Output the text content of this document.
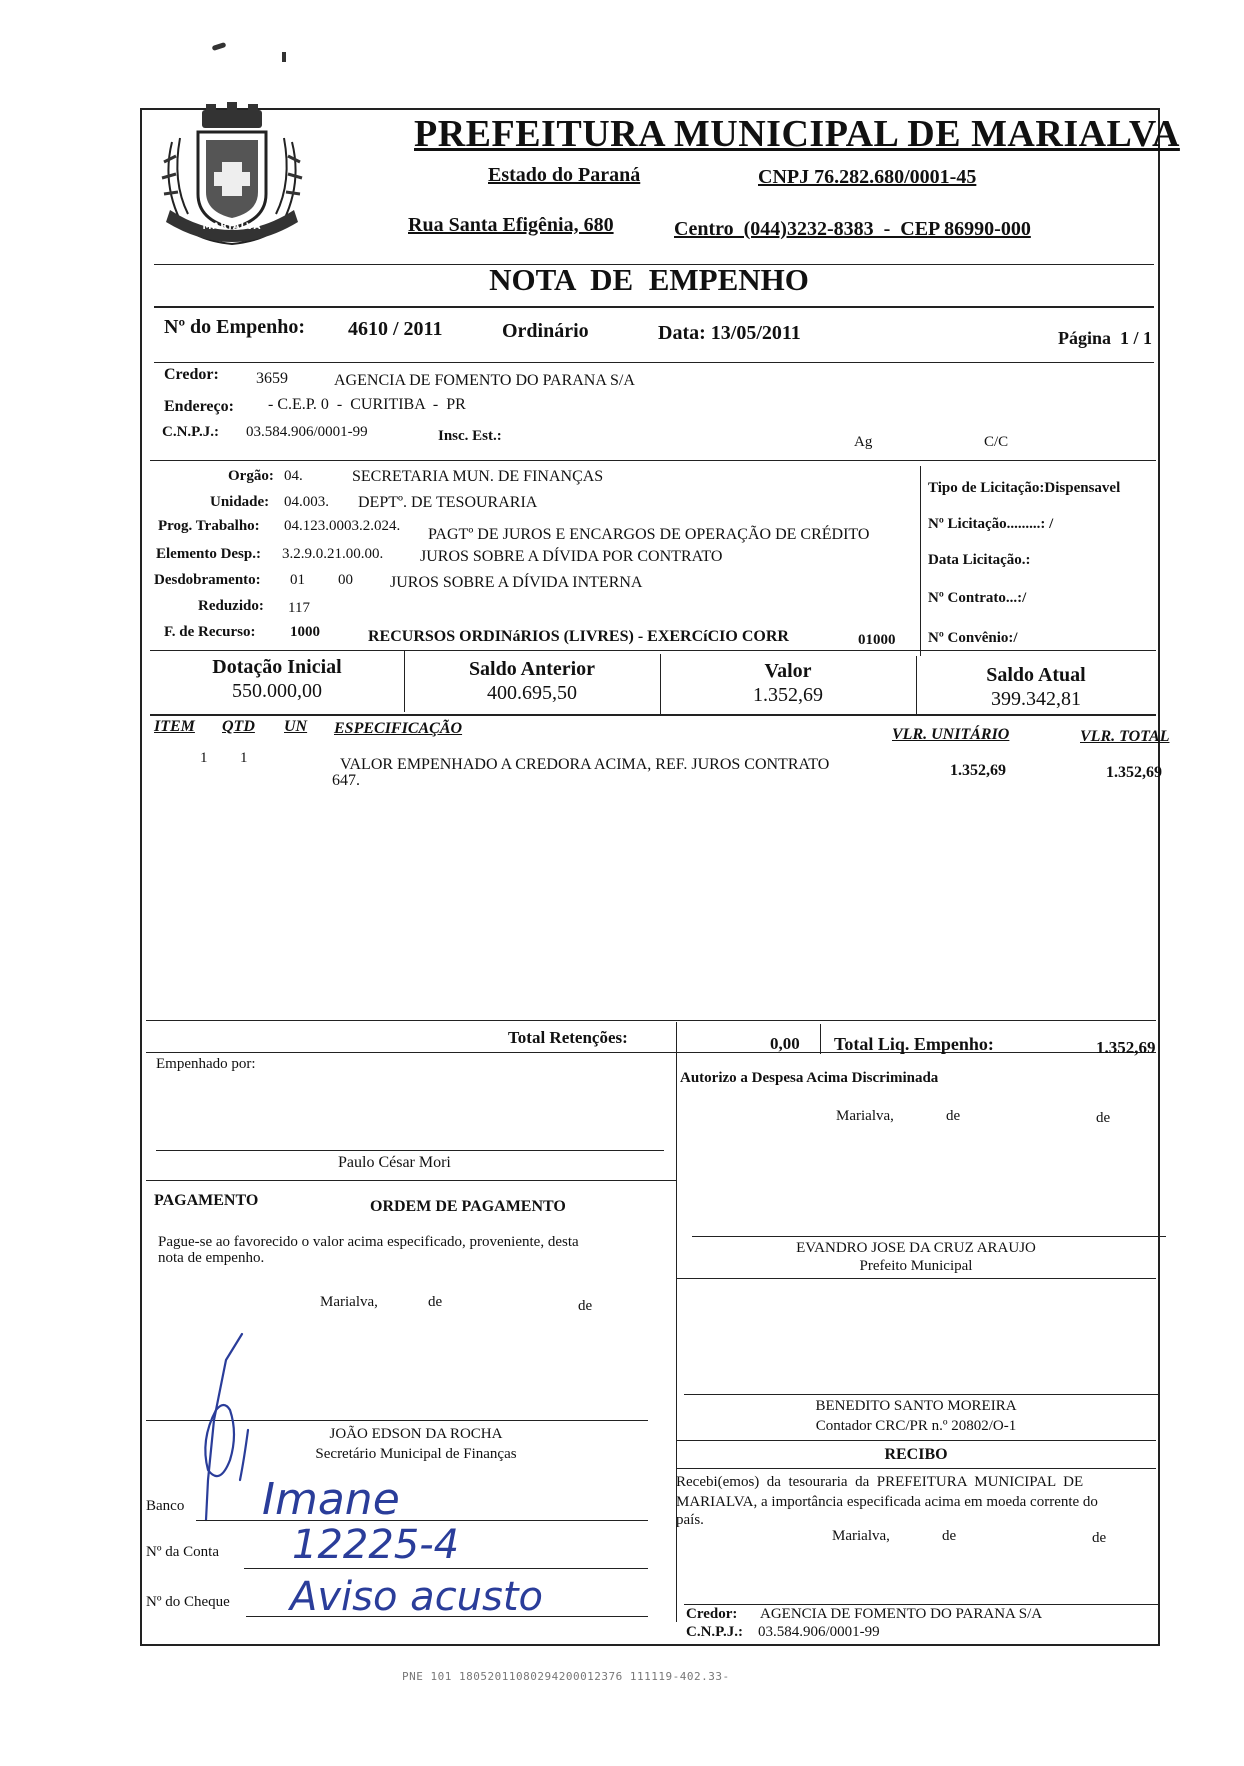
MARIALVA
PREFEITURA MUNICIPAL DE MARIALVA
Estado do Paraná	CNPJ 76.282.680/0001-45
Rua Santa Efigênia, 680	Centro  (044)3232-8383  -  CEP 86990-000
NOTA  DE  EMPENHO
Nº do Empenho: 4610 / 2011	Ordinário	Data: 13/05/2011	Página  1 / 1
Credor: 3659	AGENCIA DE FOMENTO DO PARANA S/A
Endereço: - C.E.P. 0  -  CURITIBA  -  PR
C.N.P.J.: 03.584.906/0001-99	Insc. Est.:	Ag	C/C
Orgão: 04.	SECRETARIA MUN. DE FINANÇAS
Unidade: 04.003. DEPTº. DE TESOURARIA
Prog. Trabalho: 04.123.0003.2.024. PAGTº DE JUROS E ENCARGOS DE OPERAÇÃO DE CRÉDITO
Elemento Desp.: 3.2.9.0.21.00.00. JUROS SOBRE A DÍVIDA POR CONTRATO
Desdobramento: 01 00 JUROS SOBRE A DÍVIDA INTERNA
Reduzido: 117
F. de Recurso: 1000	RECURSOS ORDINáRIOS (LIVRES) - EXERCíCIO CORR	01000
Tipo de Licitação:Dispensavel
Nº Licitação.........: /
Data Licitação.:
Nº Contrato...:/
Nº Convênio:/
Dotação Inicial
550.000,00
Saldo Anterior
400.695,50
Valor
1.352,69
Saldo Atual
399.342,81
ITEM QTD UN ESPECIFICAÇÃO	VLR. UNITÁRIO	VLR. TOTAL
1 1	VALOR EMPENHADO A CREDORA ACIMA, REF. JUROS CONTRATO
647.
1.352,69	1.352,69
Total Retenções:	0,00 Total Liq. Empenho:	1.352,69
Empenhado por:
Paulo César Mori
PAGAMENTO	ORDEM DE PAGAMENTO
Pague-se ao favorecido o valor acima especificado, proveniente, desta
nota de empenho.
Marialva,	de	de
JOÃO EDSON DA ROCHA
Secretário Municipal de Finanças
Banco Imane
Nº da Conta 12225-4
Nº do Cheque Aviso acusto
Autorizo a Despesa Acima Discriminada
Marialva,	de	de
EVANDRO JOSE DA CRUZ ARAUJO
Prefeito Municipal
BENEDITO SANTO MOREIRA
Contador CRC/PR n.º 20802/O-1
RECIBO
Recebi(emos)  da  tesouraria  da  PREFEITURA  MUNICIPAL  DE
MARIALVA, a importância especificada acima em moeda corrente do
país.
Marialva,	de	de
Credor: AGENCIA DE FOMENTO DO PARANA S/A
C.N.P.J.: 03.584.906/0001-99
PNE 101 18052011080294200012376 111119-402.33-
